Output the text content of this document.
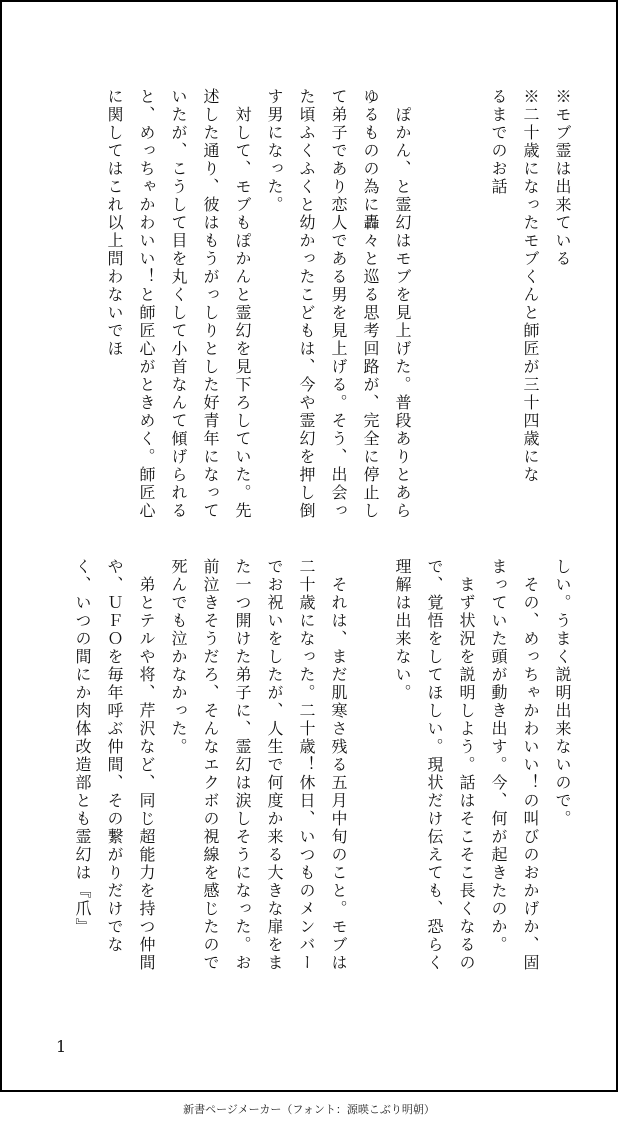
※モブ霊は出来ている

※二十歳になったモブくんと師匠が三十四歳にな

るまでのお話

　ぽかん、と霊幻はモブを見上げた。普段ありとあらゆるものの為に轟々と巡る思考回路が、完全に停止して弟子であり恋人である男を見上げる。そう、出会った頃ふくふくと幼かったこどもは、今や霊幻を押し倒す男になった。

　対して、モブもぽかんと霊幻を見下ろしていた。先述した通り、彼はもうがっしりとした好青年になっていたが、こうして目を丸くして小首なんて傾げられると、めっちゃかわいい！と師匠心がときめく。師匠心に関してはこれ以上問わないでほ

しい。うまく説明出来ないので。

　その、めっちゃかわいい！の叫びのおかげか、固まっていた頭が動き出す。今、何が起きたのか。

　まず状況を説明しよう。話はそこそこ長くなるので、覚悟をしてほしい。現状だけ伝えても、恐らく理解は出来ない。

　それは、まだ肌寒さ残る五月中旬のこと。モブは二十歳になった。二十歳！休日、いつものメンバーでお祝いをしたが、人生で何度か来る大きな扉をまた一つ開けた弟子に、霊幻は涙しそうになった。お前泣きそうだろ、そんなエクボの視線を感じたので死んでも泣かなかった。

　弟とテルや将、芹沢など、同じ超能力を持つ仲間や、ＵＦＯを毎年呼ぶ仲間、その繋がりだけでなく、いつの間にか肉体改造部とも霊幻は『爪』

1
新書ページメーカー（フォント：源暎こぶり明朝）
